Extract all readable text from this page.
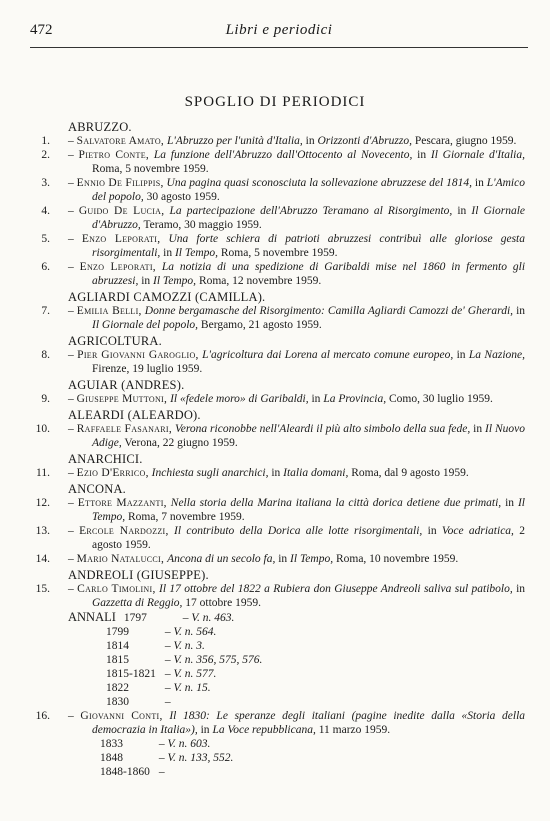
472	Libri e periodici
SPOGLIO DI PERIODICI
ABRUZZO.
1. – Salvatore Amato, L'Abruzzo per l'unità d'Italia, in Orizzonti d'Abruzzo, Pescara, giugno 1959.
2. – Pietro Conte, La funzione dell'Abruzzo dall'Ottocento al Novecento, in Il Giornale d'Italia, Roma, 5 novembre 1959.
3. – Ennio De Filippis, Una pagina quasi sconosciuta la sollevazione abruzzese del 1814, in L'Amico del popolo, 30 agosto 1959.
4. – Guido De Lucia, La partecipazione dell'Abruzzo Teramano al Risorgimento, in Il Giornale d'Abruzzo, Teramo, 30 maggio 1959.
5. – Enzo Leporati, Una forte schiera di patrioti abruzzesi contribuì alle gloriose gesta risorgimentali, in Il Tempo, Roma, 5 novembre 1959.
6. – Enzo Leporati, La notizia di una spedizione di Garibaldi mise nel 1860 in fermento gli abruzzesi, in Il Tempo, Roma, 12 novembre 1959.
AGLIARDI CAMOZZI (CAMILLA).
7. – Emilia Belli, Donne bergamasche del Risorgimento: Camilla Agliardi Camozzi de' Gherardi, in Il Giornale del popolo, Bergamo, 21 agosto 1959.
AGRICOLTURA.
8. – Pier Giovanni Garoglio, L'agricoltura dai Lorena al mercato comune europeo, in La Nazione, Firenze, 19 luglio 1959.
AGUIAR (ANDRES).
9. – Giuseppe Muttoni, Il «fedele moro» di Garibaldi, in La Provincia, Como, 30 luglio 1959.
ALEARDI (ALEARDO).
10. – Raffaele Fasanari, Verona riconobbe nell'Aleardi il più alto simbolo della sua fede, in Il Nuovo Adige, Verona, 22 giugno 1959.
ANARCHICI.
11. – Ezio D'Errico, Inchiesta sugli anarchici, in Italia domani, Roma, dal 9 agosto 1959.
ANCONA.
12. – Ettore Mazzanti, Nella storia della Marina italiana la città dorica detiene due primati, in Il Tempo, Roma, 7 novembre 1959.
13. – Ercole Nardozzi, Il contributo della Dorica alle lotte risorgimentali, in Voce adriatica, 2 agosto 1959.
14. – Mario Natalucci, Ancona di un secolo fa, in Il Tempo, Roma, 10 novembre 1959.
ANDREOLI (GIUSEPPE).
15. – Carlo Timolini, Il 17 ottobre del 1822 a Rubiera don Giuseppe Andreoli saliva sul patibolo, in Gazzetta di Reggio, 17 ottobre 1959.
ANNALI 1797	– V. n. 463.
1799	– V. n. 564.
1814	– V. n. 3.
1815	– V. n. 356, 575, 576.
1815-1821 – V. n. 577.
1822	– V. n. 15.
1830	–
16. – Giovanni Conti, Il 1830: Le speranze degli italiani (pagine inedite dalla «Storia della democrazia in Italia»), in La Voce repubblicana, 11 marzo 1959.
1833	– V. n. 603.
1848	– V. n. 133, 552.
1848-1860 –
